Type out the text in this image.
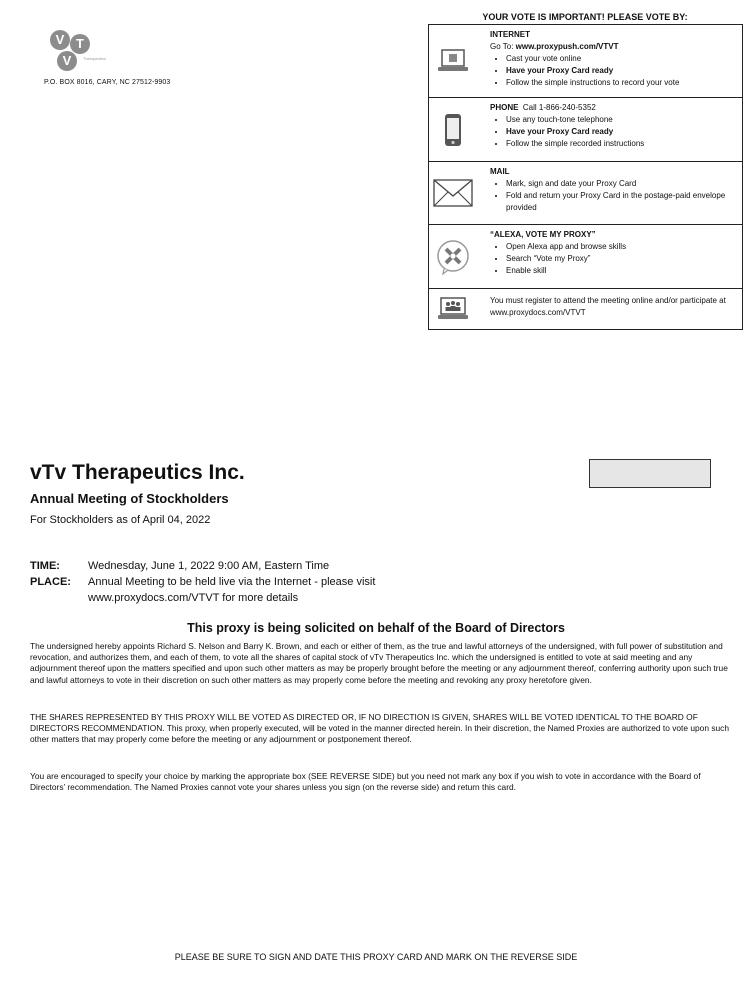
V T
V	Therapeutics
P.O. BOX 8016, CARY, NC 27512-9903
YOUR VOTE IS IMPORTANT! PLEASE VOTE BY:
INTERNET
Go To: www.proxypush.com/VTVT
• Cast your vote online
• Have your Proxy Card ready
• Follow the simple instructions to record your vote
PHONE Call 1-866-240-5352
• Use any touch-tone telephone
• Have your Proxy Card ready
• Follow the simple recorded instructions
MAIL
• Mark, sign and date your Proxy Card
• Fold and return your Proxy Card in the postage-paid envelope provided
“ALEXA, VOTE MY PROXY”
• Open Alexa app and browse skills
• Search “Vote my Proxy”
• Enable skill
You must register to attend the meeting online and/or participate at www.proxydocs.com/VTVT
vTv Therapeutics Inc.
Annual Meeting of Stockholders
For Stockholders as of April 04, 2022
TIME:	Wednesday, June 1, 2022 9:00 AM, Eastern Time
PLACE: Annual Meeting to be held live via the Internet - please visit
www.proxydocs.com/VTVT for more details
This proxy is being solicited on behalf of the Board of Directors
The undersigned hereby appoints Richard S. Nelson and Barry K. Brown, and each or either of them, as the true and lawful attorneys of the undersigned, with full power of substitution and revocation, and authorizes them, and each of them, to vote all the shares of capital stock of vTv Therapeutics Inc. which the undersigned is entitled to vote at said meeting and any adjournment thereof upon the matters specified and upon such other matters as may be properly brought before the meeting or any adjournment thereof, conferring authority upon such true and lawful attorneys to vote in their discretion on such other matters as may properly come before the meeting and revoking any proxy heretofore given.
THE SHARES REPRESENTED BY THIS PROXY WILL BE VOTED AS DIRECTED OR, IF NO DIRECTION IS GIVEN, SHARES WILL BE VOTED IDENTICAL TO THE BOARD OF DIRECTORS RECOMMENDATION. This proxy, when properly executed, will be voted in the manner directed herein. In their discretion, the Named Proxies are authorized to vote upon such other matters that may properly come before the meeting or any adjournment or postponement thereof.
You are encouraged to specify your choice by marking the appropriate box (SEE REVERSE SIDE) but you need not mark any box if you wish to vote in accordance with the Board of Directors’ recommendation. The Named Proxies cannot vote your shares unless you sign (on the reverse side) and return this card.
PLEASE BE SURE TO SIGN AND DATE THIS PROXY CARD AND MARK ON THE REVERSE SIDE
